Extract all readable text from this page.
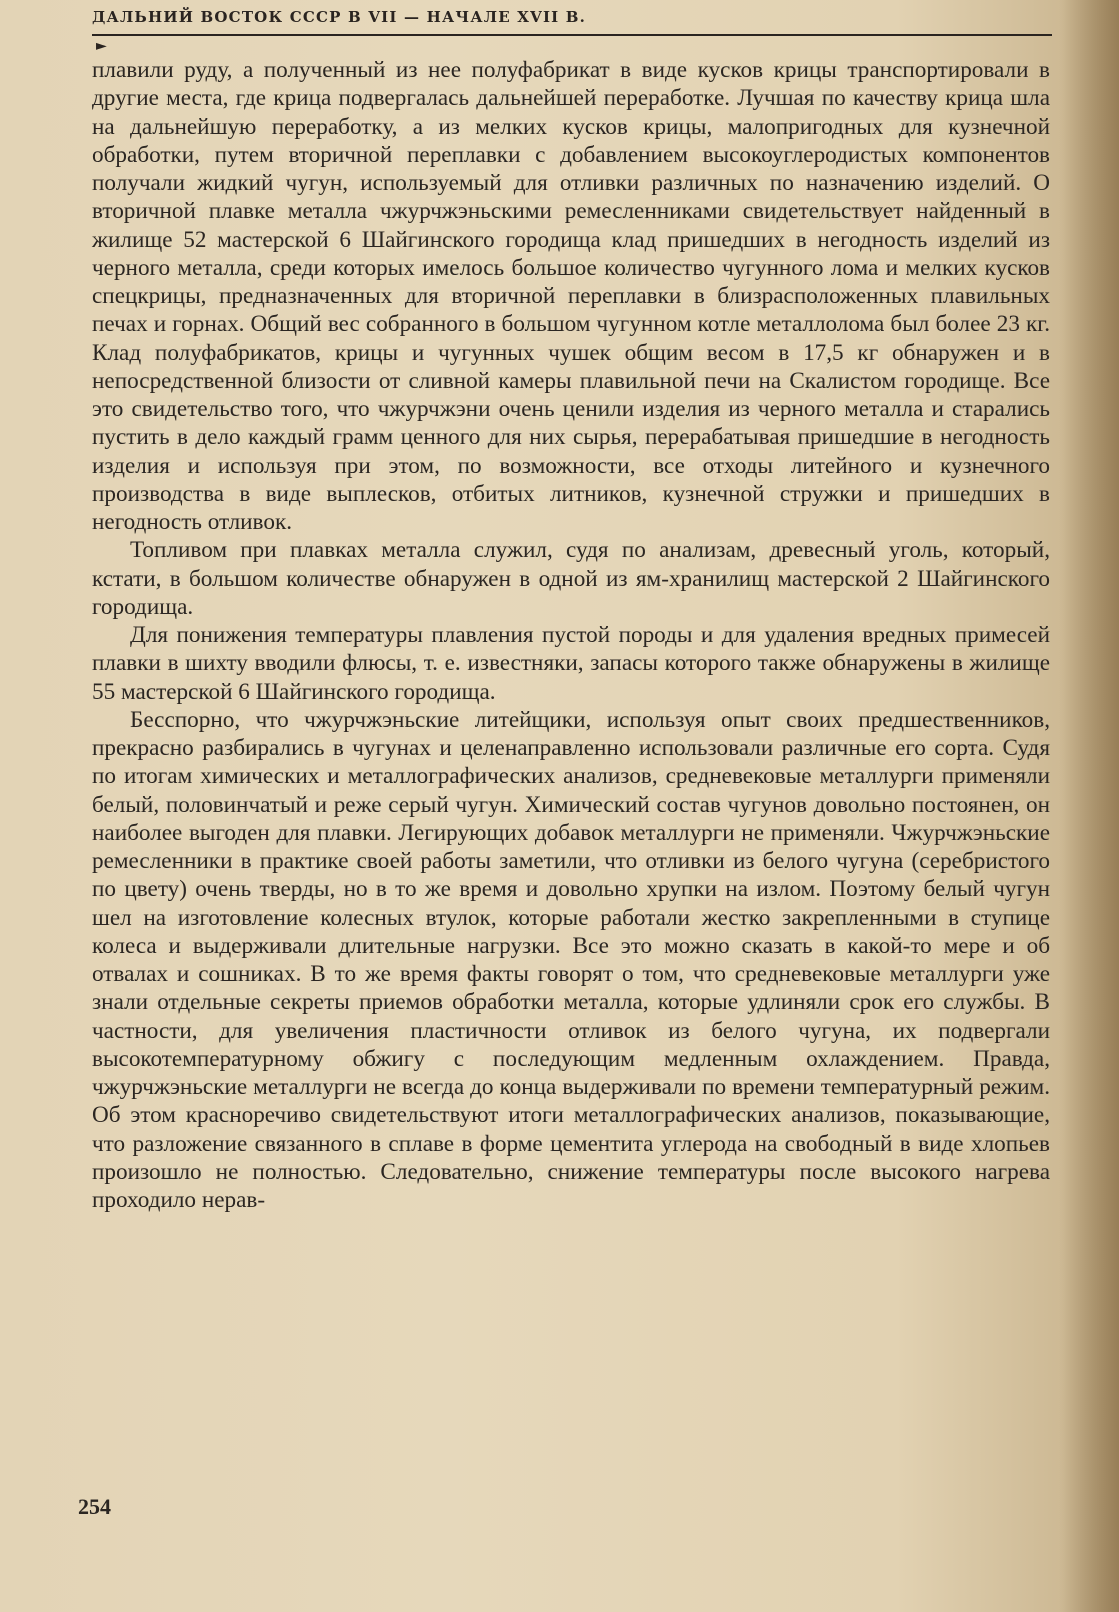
ДАЛЬНИЙ ВОСТОК СССР В VII — НАЧАЛЕ XVII В.
►

плавили руду, а полученный из нее полуфабрикат в виде кусков крицы транспортировали в другие места, где крица подвергалась дальнейшей переработке. Лучшая по качеству крица шла на дальнейшую переработку, а из мелких кусков крицы, малопригодных для кузнечной обработки, путем вторичной переплавки с добавлением высокоуглеродистых компонентов получали жидкий чугун, используемый для отливки различных по назначению изделий. О вторичной плавке металла чжурчжэньскими ремесленниками свидетельствует найденный в жилище 52 мастерской 6 Шайгинского городища клад пришедших в негодность изделий из черного металла, среди которых имелось большое количество чугунного лома и мелких кусков спецкрицы, предназначенных для вторичной переплавки в близрасположенных плавильных печах и горнах. Общий вес собранного в большом чугунном котле металлолома был более 23 кг. Клад полуфабрикатов, крицы и чугунных чушек общим весом в 17,5 кг обнаружен и в непосредственной близости от сливной камеры плавильной печи на Скалистом городище. Все это свидетельство того, что чжурчжэни очень ценили изделия из черного металла и старались пустить в дело каждый грамм ценного для них сырья, перерабатывая пришедшие в негодность изделия и используя при этом, по возможности, все отходы литейного и кузнечного производства в виде выплесков, отбитых литников, кузнечной стружки и пришедших в негодность отливок.

Топливом при плавках металла служил, судя по анализам, древесный уголь, который, кстати, в большом количестве обнаружен в одной из ям-хранилищ мастерской 2 Шайгинского городища.

Для понижения температуры плавления пустой породы и для удаления вредных примесей плавки в шихту вводили флюсы, т. е. известняки, запасы которого также обнаружены в жилище 55 мастерской 6 Шайгинского городища.

Бесспорно, что чжурчжэньские литейщики, используя опыт своих предшественников, прекрасно разбирались в чугунах и целенаправленно использовали различные его сорта. Судя по итогам химических и металлографических анализов, средневековые металлурги применяли белый, половинчатый и реже серый чугун. Химический состав чугунов довольно постоянен, он наиболее выгоден для плавки. Легирующих добавок металлурги не применяли. Чжурчжэньские ремесленники в практике своей работы заметили, что отливки из белого чугуна (серебристого по цвету) очень тверды, но в то же время и довольно хрупки на излом. Поэтому белый чугун шел на изготовление колесных втулок, которые работали жестко закрепленными в ступице колеса и выдерживали длительные нагрузки. Все это можно сказать в какой-то мере и об отвалах и сошниках. В то же время факты говорят о том, что средневековые металлурги уже знали отдельные секреты приемов обработки металла, которые удлиняли срок его службы. В частности, для увеличения пластичности отливок из белого чугуна, их подвергали высокотемпературному обжигу с последующим медленным охлаждением. Правда, чжурчжэньские металлурги не всегда до конца выдерживали по времени температурный режим. Об этом красноречиво свидетельствуют итоги металлографических анализов, показывающие, что разложение связанного в сплаве в форме цементита углерода на свободный в виде хлопьев произошло не полностью. Следовательно, снижение температуры после высокого нагрева проходило нерав-

254
